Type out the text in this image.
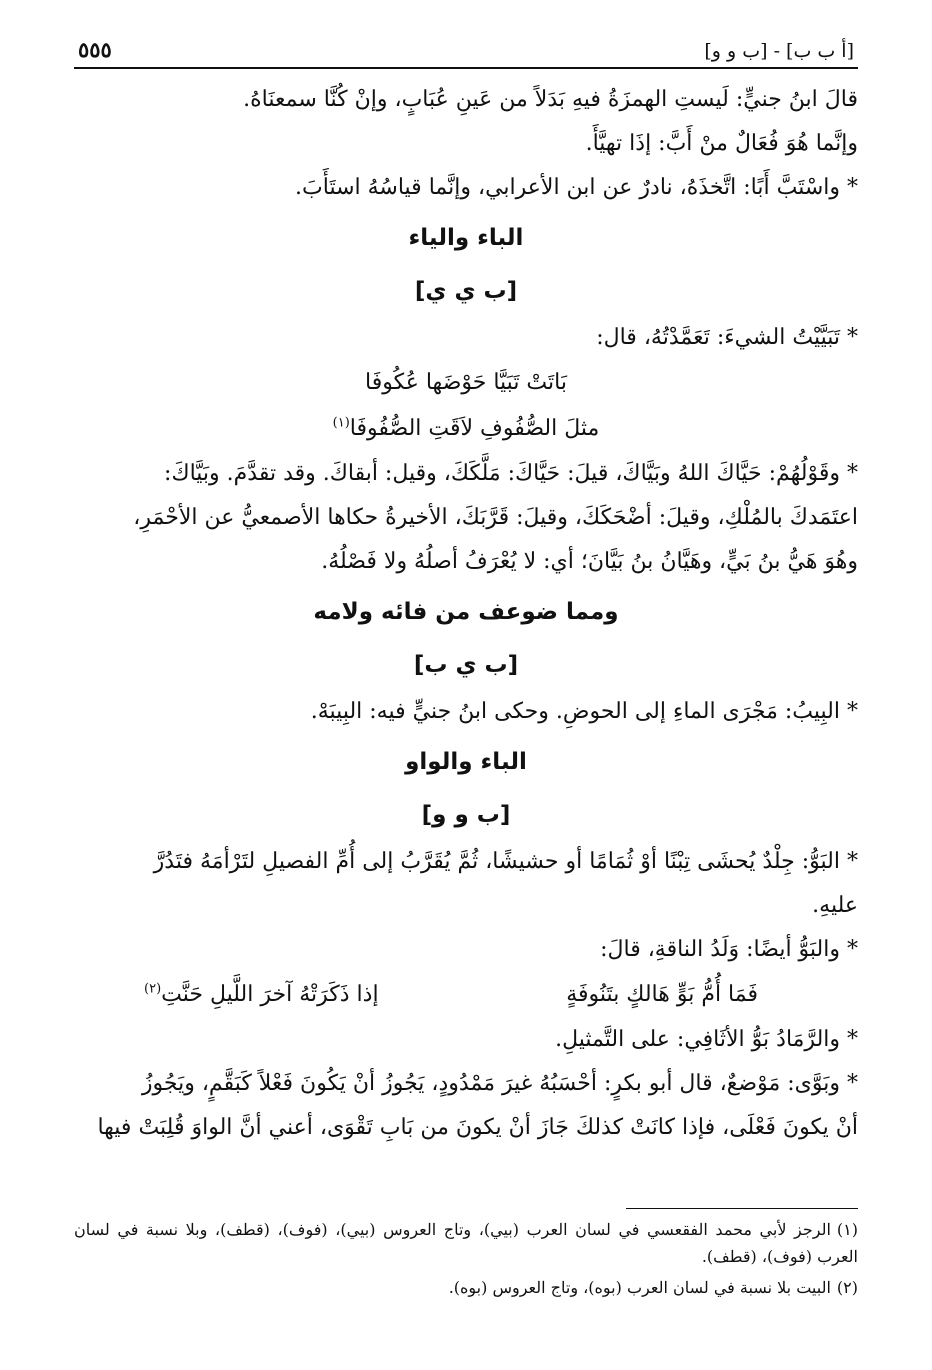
٥٥٥	[أ ب ب] - [ب و و]

قالَ ابنُ جنيٍّ: لَيستِ الهمزَةُ فيهِ بَدَلاً من عَينِ عُبَابٍ، وإنْ كُنَّا سمعنَاهُ.

وإنَّما هُوَ فُعَالٌ منْ أَبَّ: إذَا تهيَّأَ.

* واسْتَبَّ أَبًا: اتَّخذَهُ، نادرٌ عن ابن الأعرابي، وإنَّما قياسُهُ استَأَبَ.

الباء والياء

[ب ي ي]

* تَبَيَّيْتُ الشيءَ: تَعَمَّدْتُهُ، قال:

بَاتَتْ تَبَيَّا حَوْضَها عُكُوفَا

مثلَ الصُّفُوفِ لاَقَتِ الصُّفُوفَا$^{(١)}$

* وقَوْلُهُمْ: حَيَّاكَ اللهُ وبَيَّاكَ، قيلَ: حَيَّاكَ: مَلَّكَكَ، وقيل: أبقاكَ. وقد تقدَّمَ. وبَيَّاكَ:

اعتَمَدكَ بالمُلْكِ، وقيلَ: أضْحَكَكَ، وقيلَ: قَرَّبَكَ، الأخيرةُ حكاها الأصمعيُّ عن الأحْمَرِ،

وهُوَ هَيُّ بنُ بَيٍّ، وهَيَّانُ بنُ بَيَّانَ؛ أي: لا يُعْرَفُ أصلُهُ ولا فَصْلُهُ.

ومما ضوعف من فائه ولامه

[ب ي ب]

* البِيبُ: مَجْرَى الماءِ إلى الحوضِ. وحكى ابنُ جنيٍّ فيه: البِيبَهْ.

الباء والواو

[ب و و]

* البَوُّ: جِلْدٌ يُحشَى تِبْنًا أوْ ثُمَامًا أو حشيشًا، ثُمَّ يُقَرَّبُ إلى أُمِّ الفصيلِ لتَرْأمَهُ فتَدُرَّ

عليهِ.

* والبَوُّ أيضًا: وَلَدُ الناقةِ، قالَ:

فَمَا أُمُّ بَوٍّ هَالكٍ بتَنُوفَةٍ
إذا ذَكَرَتْهُ آخرَ اللَّيلِ حَنَّتِ$^{(٢)}$

* والرَّمَادُ بَوُّ الأثَافِي: على التَّمثيلِ.

* وبَوَّى: مَوْضعٌ، قال أبو بكرٍ: أحْسَبُهُ غيرَ مَمْدُودٍ، يَجُوزُ أنْ يَكُونَ فَعْلاً كَبَقَّمٍ، ويَجُوزُ

أنْ يكونَ فَعْلَى، فإذا كانَتْ كذلكَ جَازَ أنْ يكونَ من بَابِ تَقْوَى، أعني أنَّ الواوَ قُلِبَتْ فيها

(١)الرجز لأبي محمد الفقعسي في لسان العرب (بيي)، وتاج العروس (بيي)، (فوف)، (قطف)، وبلا نسبة في لسان العرب (فوف)، (قطف).

(٢)البيت بلا نسبة في لسان العرب (بوه)، وتاج العروس (بوه).
